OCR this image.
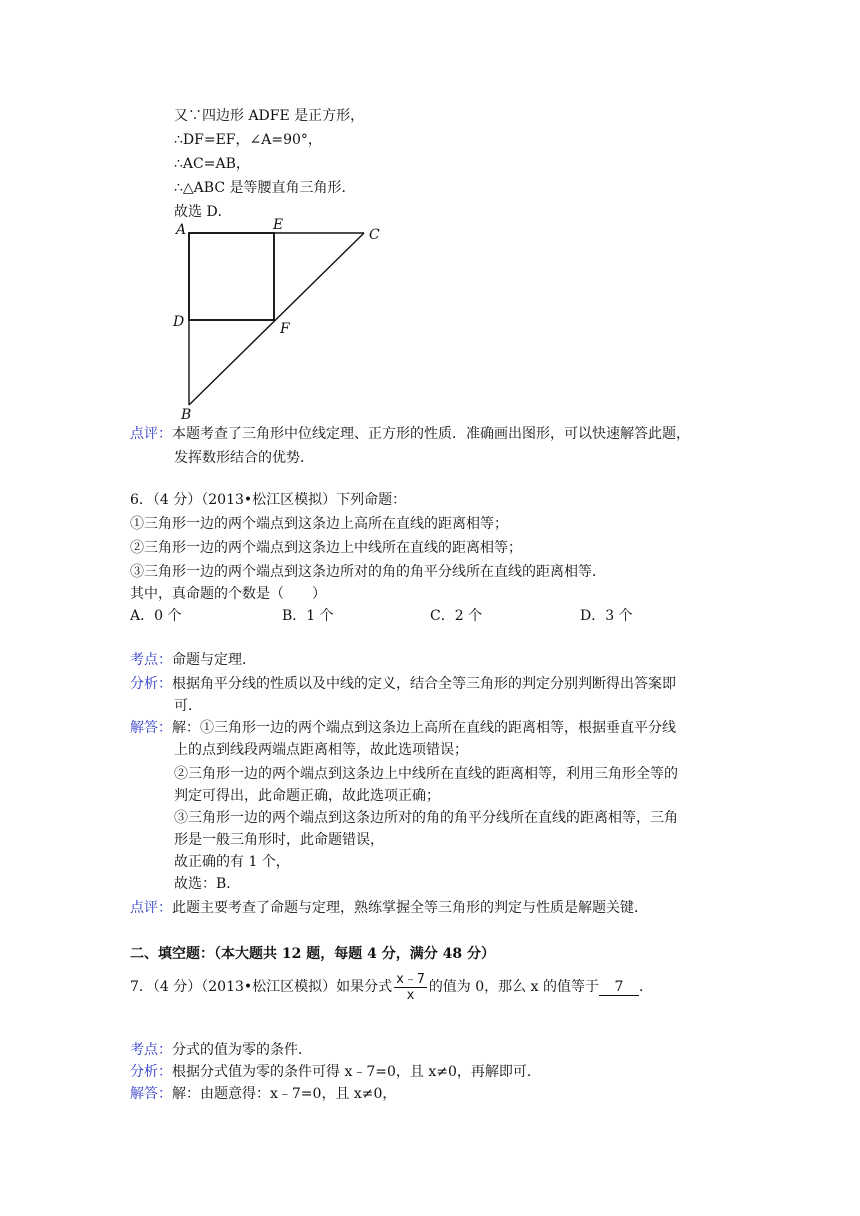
又∵四边形 ADFE 是正方形，
∴DF=EF，∠A=90°，
∴AC=AB，
∴△ABC 是等腰直角三角形．
故选 D．
A	E
C
D	F
B
点评：本题考查了三角形中位线定理、正方形的性质．准确画出图形，可以快速解答此题，
发挥数形结合的优势．
6．（4 分）（2013•松江区模拟）下列命题：
①三角形一边的两个端点到这条边上高所在直线的距离相等；
②三角形一边的两个端点到这条边上中线所在直线的距离相等；
③三角形一边的两个端点到这条边所对的角的角平分线所在直线的距离相等．
其中，真命题的个数是（　　）
A．0 个	B．1 个	C．2 个	D．3 个
考点：命题与定理．
分析：根据角平分线的性质以及中线的定义，结合全等三角形的判定分别判断得出答案即
可．
解答：解：①三角形一边的两个端点到这条边上高所在直线的距离相等，根据垂直平分线
上的点到线段两端点距离相等，故此选项错误；
②三角形一边的两个端点到这条边上中线所在直线的距离相等，利用三角形全等的
判定可得出，此命题正确，故此选项正确；
③三角形一边的两个端点到这条边所对的角的角平分线所在直线的距离相等，三角
形是一般三角形时，此命题错误，
故正确的有 1 个，
故选：B．
点评：此题主要考查了命题与定理，熟练掌握全等三角形的判定与性质是解题关键．
二、填空题：（本大题共 12 题，每题 4 分，满分 48 分）
7．（4 分）（2013•松江区模拟）如果分式 $\frac{x﹣7}{x}$ 的值为 0，那么 x 的值等于 7 ．
考点：分式的值为零的条件．
分析：根据分式值为零的条件可得 x﹣7=0，且 x≠0，再解即可．
解答：解：由题意得：x﹣7=0，且 x≠0，
